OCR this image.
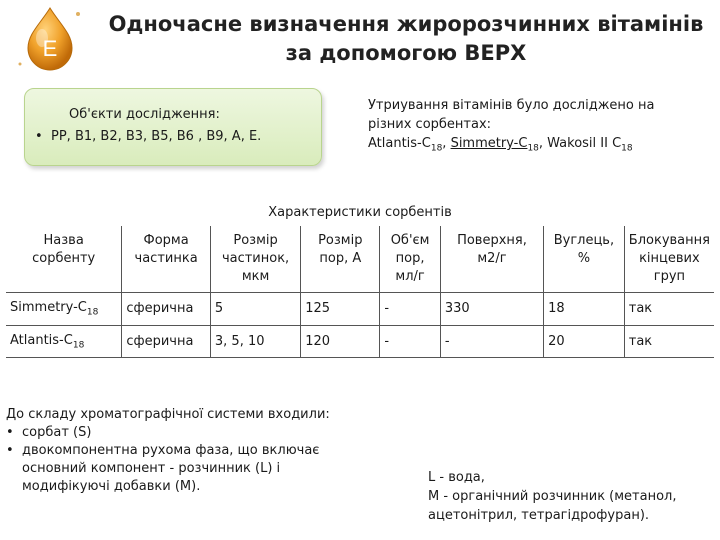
E
Одночасне визначення жиророзчинних вітамінів
за допомогою ВЕРХ
Об'єкти дослідження:
• PP, B1, B2, B3, B5, B6 , B9, A, E.
Утриування вітамінів було досліджено на
різних сорбентах:
Atlantis-$C_{18}$, Simmetry-$C_{18}$, Wakosil II $C_{18}$
Характеристики сорбентів
Назва сорбенту	Форма частинка	Розмір частинок, мкм	Розмір пор, А	Об'єм пор, мл/г	Поверхня, м2/г	Вуглець, %	Блокування кінцевих груп
Simmetry-$C_{18}$	сферична	5	125	-	330	18	так
Atlantis-$C_{18}$	сферична	3, 5, 10	120	-	-	20	так
До складу хроматографічної системи входили:
• сорбат (S)
• двокомпонентна рухома фаза, що включає основний компонент - розчинник (L) і модифікуючі добавки (M).
L - вода,
M - органічний розчинник (метанол, ацетонітрил, тетрагідрофуран).
